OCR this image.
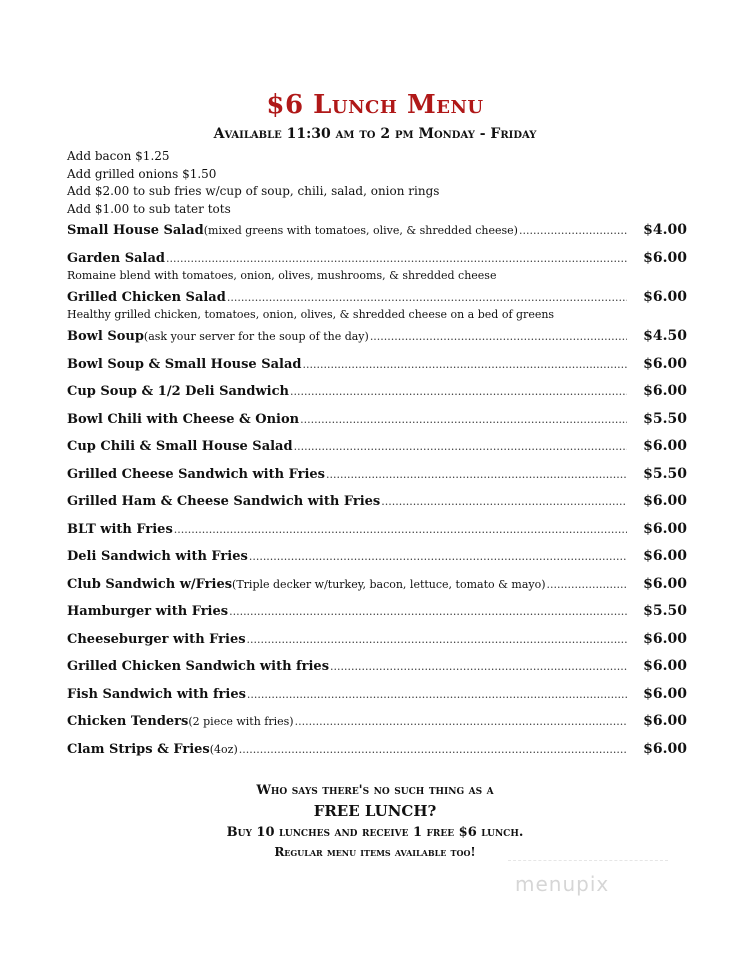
$6 Lunch Menu
Available 11:30 am to 2 pm Monday - Friday
Add bacon $1.25
Add grilled onions $1.50
Add $2.00 to sub fries w/cup of soup, chili, salad, onion rings
Add $1.00 to sub tater tots
Small House Salad (mixed greens with tomatoes, olive, & shredded cheese) .....	$4.00
Garden Salad .....	$6.00
Romaine blend with tomatoes, onion, olives, mushrooms, & shredded cheese
Grilled Chicken Salad .....	$6.00
Healthy grilled chicken, tomatoes, onion, olives, & shredded cheese on a bed of greens
Bowl Soup (ask your server for the soup of the day) .....	$4.50
Bowl Soup & Small House Salad .....	$6.00
Cup Soup & 1/2 Deli Sandwich .....	$6.00
Bowl Chili with Cheese & Onion .....	$5.50
Cup Chili & Small House Salad .....	$6.00
Grilled Cheese Sandwich with Fries .....	$5.50
Grilled Ham & Cheese Sandwich with Fries .....	$6.00
BLT with Fries .....	$6.00
Deli Sandwich with Fries .....	$6.00
Club Sandwich w/Fries (Triple decker w/turkey, bacon, lettuce, tomato & mayo) .....	$6.00
Hamburger with Fries .....	$5.50
Cheeseburger with Fries .....	$6.00
Grilled Chicken Sandwich with fries .....	$6.00
Fish Sandwich with fries .....	$6.00
Chicken Tenders (2 piece with fries) .....	$6.00
Clam Strips & Fries (4oz) .....	$6.00
Who says there's no such thing as a
FREE LUNCH?
Buy 10 lunches and receive 1 free $6 lunch.
Regular menu items available too!
menupix
